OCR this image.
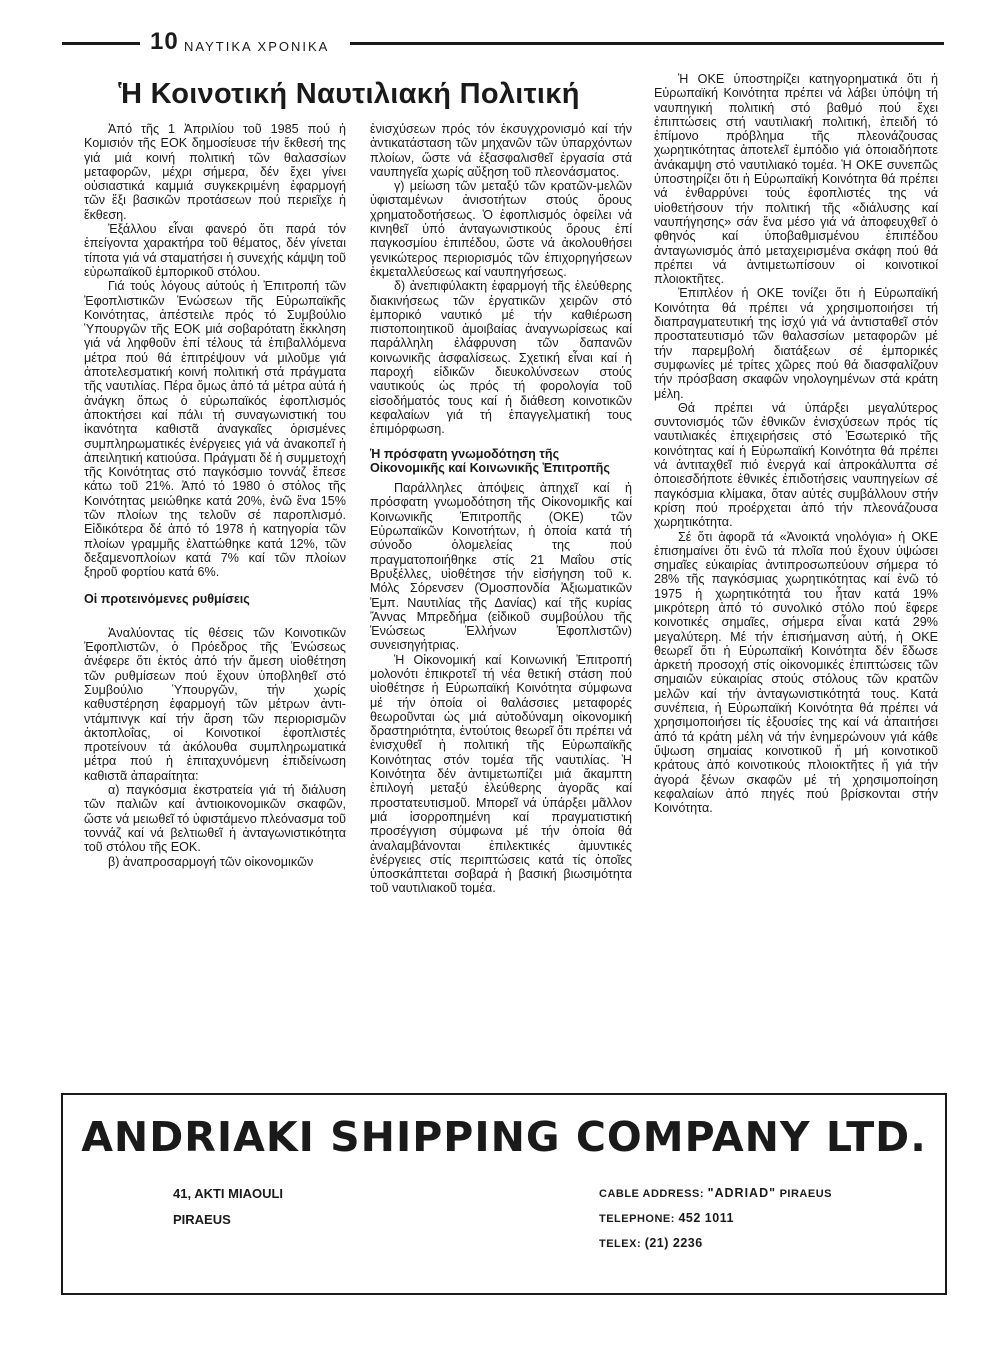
10 ΝΑΥΤΙΚΑ ΧΡΟΝΙΚΑ
Ἡ Κοινοτική Ναυτιλιακή Πολιτική

Ἀπό τῆς 1 Ἀπριλίου τοῦ 1985 πού ἡ Κομισιόν τῆς ΕΟΚ δημοσίευσε τήν ἔκθεσή της γιά μιά κοινή πολιτική τῶν θαλασσίων μεταφορῶν, μέχρι σήμερα, δέν ἔχει γίνει οὐσιαστικά καμμιά συγκεκριμένη ἐφαρμογή τῶν ἕξι βασικῶν προτάσεων πού περιεῖχε ἡ ἔκθεση.

Ἐξάλλου εἶναι φανερό ὅτι παρά τόν ἐπείγοντα χαρακτήρα τοῦ θέματος, δέν γίνεται τίποτα γιά νά σταματήσει ἡ συνεχής κάμψη τοῦ εὐρωπαϊκοῦ ἐμπορικοῦ στόλου.

Γιά τούς λόγους αὐτούς ἡ Ἐπιτροπή τῶν Ἐφοπλιστικῶν Ἑνώσεων τῆς Εὐρωπαϊκῆς Κοινότητας, ἀπέστειλε πρός τό Συμβούλιο Ὑπουργῶν τῆς ΕΟΚ μιά σοβαρότατη ἔκκληση γιά νά ληφθοῦν ἐπί τέλους τά ἐπιβαλλόμενα μέτρα πού θά ἐπιτρέψουν νά μιλοῦμε γιά ἀποτελεσματική κοινή πολιτική στά πράγματα τῆς ναυτιλίας. Πέρα ὅμως ἀπό τά μέτρα αὐτά ἡ ἀνάγκη ὅπως ὁ εὐρωπαϊκός ἐφοπλισμός ἀποκτήσει καί πάλι τή συναγωνιστική του ἱκανότητα καθιστᾶ ἀναγκαῖες ὁρισμένες συμπληρωματικές ἐνέργειες γιά νά ἀνακοπεῖ ἡ ἀπειλητική κατιούσα. Πράγματι δέ ἡ συμμετοχή τῆς Κοινότητας στό παγκόσμιο τοννάζ ἔπεσε κάτω τοῦ 21%. Ἀπό τό 1980 ὁ στόλος τῆς Κοινότητας μειώθηκε κατά 20%, ἐνῶ ἕνα 15% τῶν πλοίων της τελοῦν σέ παροπλισμό. Εἰδικότερα δέ ἀπό τό 1978 ἡ κατηγορία τῶν πλοίων γραμμῆς ἐλαττώθηκε κατά 12%, τῶν δεξαμενοπλοίων κατά 7% καί τῶν πλοίων ξηροῦ φορτίου κατά 6%.

Οἱ προτεινόμενες ρυθμίσεις

Ἀναλύοντας τίς θέσεις τῶν Κοινοτικῶν Ἐφοπλιστῶν, ὁ Πρόεδρος τῆς Ἑνώσεως ἀνέφερε ὅτι ἐκτός ἀπό τήν ἄμεση υἱοθέτηση τῶν ρυθμίσεων πού ἔχουν ὑποβληθεῖ στό Συμβούλιο Ὑπουργῶν, τήν χωρίς καθυστέρηση ἐφαρμογή τῶν μέτρων ἀντι-ντάμπινγκ καί τήν ἄρση τῶν περιορισμῶν ἀκτοπλοΐας, οἱ Κοινοτικοί ἐφοπλιστές προτείνουν τά ἀκόλουθα συμπληρωματικά μέτρα πού ἡ ἐπιταχυνόμενη ἐπιδείνωση καθιστᾶ ἀπαραίτητα:

α) παγκόσμια ἐκστρατεία γιά τή διάλυση τῶν παλιῶν καί ἀντιοικονομικῶν σκαφῶν, ὥστε νά μειωθεῖ τό ὑφιστάμενο πλεόνασμα τοῦ τοννάζ καί νά βελτιωθεῖ ἡ ἀνταγωνιστικότητα τοῦ στόλου τῆς ΕΟΚ.

β) ἀναπροσαρμογή τῶν οἰκονομικῶν

ἐνισχύσεων πρός τόν ἐκσυγχρονισμό καί τήν ἀντικατάσταση τῶν μηχανῶν τῶν ὑπαρχόντων πλοίων, ὥστε νά ἐξασφαλισθεῖ ἐργασία στά ναυπηγεῖα χωρίς αὔξηση τοῦ πλεονάσματος.

γ) μείωση τῶν μεταξύ τῶν κρατῶν-μελῶν ὑφισταμένων ἀνισοτήτων στούς ὅρους χρηματοδοτήσεως. Ὁ ἐφοπλισμός ὀφείλει νά κινηθεῖ ὑπό ἀνταγωνιστικούς ὅρους ἐπί παγκοσμίου ἐπιπέδου, ὥστε νά ἀκολουθήσει γενικώτερος περιορισμός τῶν ἐπιχορηγήσεων ἐκμεταλλεύσεως καί ναυπηγήσεως.

δ) ἀνεπιφύλακτη ἐφαρμογή τῆς ἐλεύθερης διακινήσεως τῶν ἐργατικῶν χειρῶν στό ἐμπορικό ναυτικό μέ τήν καθιέρωση πιστοποιητικοῦ ἀμοιβαίας ἀναγνωρίσεως καί παράλληλη ἐλάφρυνση τῶν δαπανῶν κοινωνικῆς ἀσφαλίσεως. Σχετική εἶναι καί ἡ παροχή εἰδικῶν διευκολύνσεων στούς ναυτικούς ὡς πρός τή φορολογία τοῦ εἰσοδήματός τους καί ἡ διάθεση κοινοτικῶν κεφαλαίων γιά τή ἐπαγγελματική τους ἐπιμόρφωση.

Ἡ πρόσφατη γνωμοδότηση τῆς Οἰκονομικῆς καί Κοινωνικῆς Ἐπιτροπῆς

Παράλληλες ἀπόψεις ἀπηχεῖ καί ἡ πρόσφατη γνωμοδότηση τῆς Οἰκονομικῆς καί Κοινωνικῆς Ἐπιτροπῆς (ΟΚΕ) τῶν Εὐρωπαϊκῶν Κοινοτήτων, ἡ ὁποία κατά τή σύνοδο ὁλομελείας της πού πραγματοποιήθηκε στίς 21 Μαΐου στίς Βρυξέλλες, υἱοθέτησε τήν εἰσήγηση τοῦ κ. Μόλς Σόρενσεν (Ὁμοσπονδία Ἀξιωματικῶν Ἐμπ. Ναυτιλίας τῆς Δανίας) καί τῆς κυρίας Ἄννας Μπρεδήμα (εἰδικοῦ συμβούλου τῆς Ἑνώσεως Ἑλλήνων Ἐφοπλιστῶν) συνεισηγήτριας.

Ἡ Οἰκονομική καί Κοινωνική Ἐπιτροπή μολονότι ἐπικροτεῖ τή νέα θετική στάση πού υἱοθέτησε ἡ Εὐρωπαϊκή Κοινότητα σύμφωνα μέ τήν ὁποία οἱ θαλάσσιες μεταφορές θεωροῦνται ὡς μιά αὐτοδύναμη οἰκονομική δραστηριότητα, ἐντούτοις θεωρεῖ ὅτι πρέπει νά ἐνισχυθεῖ ἡ πολιτική τῆς Εὐρωπαϊκῆς Κοινότητας στόν τομέα τῆς ναυτιλίας. Ἡ Κοινότητα δέν ἀντιμετωπίζει μιά ἄκαμπτη ἐπιλογή μεταξύ ἐλεύθερης ἀγορᾶς καί προστατευτισμοῦ. Μπορεῖ νά ὑπάρξει μᾶλλον μιά ἰσορροπημένη καί πραγματιστική προσέγγιση σύμφωνα μέ τήν ὁποία θά ἀναλαμβάνονται ἐπιλεκτικές ἀμυντικές ἐνέργειες στίς περιπτώσεις κατά τίς ὁποῖες ὑποσκάπτεται σοβαρά ἡ βασική βιωσιμότητα τοῦ ναυτιλιακοῦ τομέα.

Ἡ ΟΚΕ ὑποστηρίζει κατηγορηματικά ὅτι ἡ Εὐρωπαϊκή Κοινότητα πρέπει νά λάβει ὑπόψη τή ναυπηγική πολιτική στό βαθμό πού ἔχει ἐπιπτώσεις στή ναυτιλιακή πολιτική, ἐπειδή τό ἐπίμονο πρόβλημα τῆς πλεονάζουσας χωρητικότητας ἀποτελεῖ ἐμπόδιο γιά ὁποιαδήποτε ἀνάκαμψη στό ναυτιλιακό τομέα. Ἡ ΟΚΕ συνεπῶς ὑποστηρίζει ὅτι ἡ Εὐρωπαϊκή Κοινότητα θά πρέπει νά ἐνθαρρύνει τούς ἐφοπλιστές της νά υἱοθετήσουν τήν πολιτική τῆς «διάλυσης καί ναυπήγησης» σάν ἕνα μέσο γιά νά ἀποφευχθεῖ ὁ φθηνός καί ὑποβαθμισμένου ἐπιπέδου ἀνταγωνισμός ἀπό μεταχειρισμένα σκάφη πού θά πρέπει νά ἀντιμετωπίσουν οἱ κοινοτικοί πλοιοκτῆτες.

Ἐπιπλέον ἡ ΟΚΕ τονίζει ὅτι ἡ Εὐρωπαϊκή Κοινότητα θά πρέπει νά χρησιμοποιήσει τή διαπραγματευτική της ἰσχύ γιά νά ἀντισταθεῖ στόν προστατευτισμό τῶν θαλασσίων μεταφορῶν μέ τήν παρεμβολή διατάξεων σέ ἐμπορικές συμφωνίες μέ τρίτες χῶρες πού θά διασφαλίζουν τήν πρόσβαση σκαφῶν νηολογημένων στά κράτη μέλη.

Θά πρέπει νά ὑπάρξει μεγαλύτερος συντονισμός τῶν ἐθνικῶν ἐνισχύσεων πρός τίς ναυτιλιακές ἐπιχειρήσεις στό Ἐσωτερικό τῆς κοινότητας καί ἡ Εὐρωπαϊκή Κοινότητα θά πρέπει νά ἀντιταχθεῖ πιό ἐνεργά καί ἀπροκάλυπτα σέ ὁποιεσδήποτε ἐθνικές ἐπιδοτήσεις ναυπηγείων σέ παγκόσμια κλίμακα, ὅταν αὐτές συμβάλλουν στήν κρίση πού προέρχεται ἀπό τήν πλεονάζουσα χωρητικότητα.

Σέ ὅτι ἀφορᾶ τά «Ἀνοικτά νηολόγια» ἡ ΟΚΕ ἐπισημαίνει ὅτι ἐνῶ τά πλοῖα πού ἔχουν ὑψώσει σημαῖες εὐκαιρίας ἀντιπροσωπεύουν σήμερα τό 28% τῆς παγκόσμιας χωρητικότητας καί ἐνῶ τό 1975 ἡ χωρητικότητά του ἦταν κατά 19% μικρότερη ἀπό τό συνολικό στόλο πού ἔφερε κοινοτικές σημαῖες, σήμερα εἶναι κατά 29% μεγαλύτερη. Μέ τήν ἐπισήμανση αὐτή, ἡ ΟΚΕ θεωρεῖ ὅτι ἡ Εὐρωπαϊκή Κοινότητα δέν ἔδωσε ἀρκετή προσοχή στίς οἰκονομικές ἐπιπτώσεις τῶν σημαιῶν εὐκαιρίας στούς στόλους τῶν κρατῶν μελῶν καί τήν ἀνταγωνιστικότητά τους. Κατά συνέπεια, ἡ Εὐρωπαϊκή Κοινότητα θά πρέπει νά χρησιμοποιήσει τίς ἐξουσίες της καί νά ἀπαιτήσει ἀπό τά κράτη μέλη νά τήν ἐνημερώνουν γιά κάθε ὕψωση σημαίας κοινοτικοῦ ἤ μή κοινοτικοῦ κράτους ἀπό κοινοτικούς πλοιοκτῆτες ἤ γιά τήν ἀγορά ξένων σκαφῶν μέ τή χρησιμοποίηση κεφαλαίων ἀπό πηγές πού βρίσκονται στήν Κοινότητα.

ANDRIAKI SHIPPING COMPANY LTD.
41, AKTI MIAOULI
PIRAEUS
CABLE ADDRESS: "ADRIAD" PIRAEUS
TELEPHONE: 452 1011
TELEX: (21) 2236
